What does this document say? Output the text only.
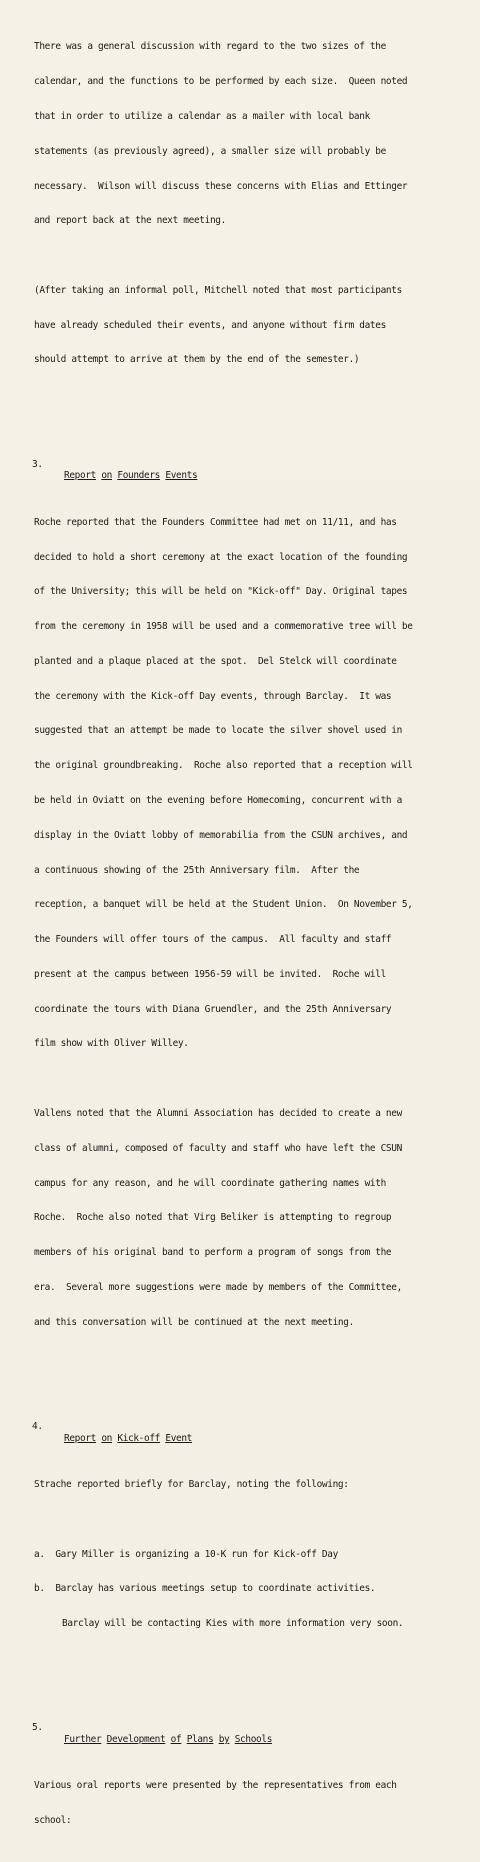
There was a general discussion with regard to the two sizes of the

calendar, and the functions to be performed by each size.  Queen noted

that in order to utilize a calendar as a mailer with local bank

statements (as previously agreed), a smaller size will probably be

necessary.  Wilson will discuss these concerns with Elias and Ettinger

and report back at the next meeting.

(After taking an informal poll, Mitchell noted that most participants

have already scheduled their events, and anyone without firm dates

should attempt to arrive at them by the end of the semester.)

3.

Report on Founders Events

Roche reported that the Founders Committee had met on 11/11, and has

decided to hold a short ceremony at the exact location of the founding

of the University; this will be held on "Kick-off" Day. Original tapes

from the ceremony in 1958 will be used and a commemorative tree will be

planted and a plaque placed at the spot.  Del Stelck will coordinate

the ceremony with the Kick-off Day events, through Barclay.  It was

suggested that an attempt be made to locate the silver shovel used in

the original groundbreaking.  Roche also reported that a reception will

be held in Oviatt on the evening before Homecoming, concurrent with a

display in the Oviatt lobby of memorabilia from the CSUN archives, and

a continuous showing of the 25th Anniversary film.  After the

reception, a banquet will be held at the Student Union.  On November 5,

the Founders will offer tours of the campus.  All faculty and staff

present at the campus between 1956-59 will be invited.  Roche will

coordinate the tours with Diana Gruendler, and the 25th Anniversary

film show with Oliver Willey.

Vallens noted that the Alumni Association has decided to create a new

class of alumni, composed of faculty and staff who have left the CSUN

campus for any reason, and he will coordinate gathering names with

Roche.  Roche also noted that Virg Beliker is attempting to regroup

members of his original band to perform a program of songs from the

era.  Several more suggestions were made by members of the Committee,

and this conversation will be continued at the next meeting.

4.

Report on Kick-off Event

Strache reported briefly for Barclay, noting the following:

a.  Gary Miller is organizing a 10-K run for Kick-off Day

b.  Barclay has various meetings setup to coordinate activities.

Barclay will be contacting Kies with more information very soon.

5.

Further Development of Plans by Schools

Various oral reports were presented by the representatives from each

school:
